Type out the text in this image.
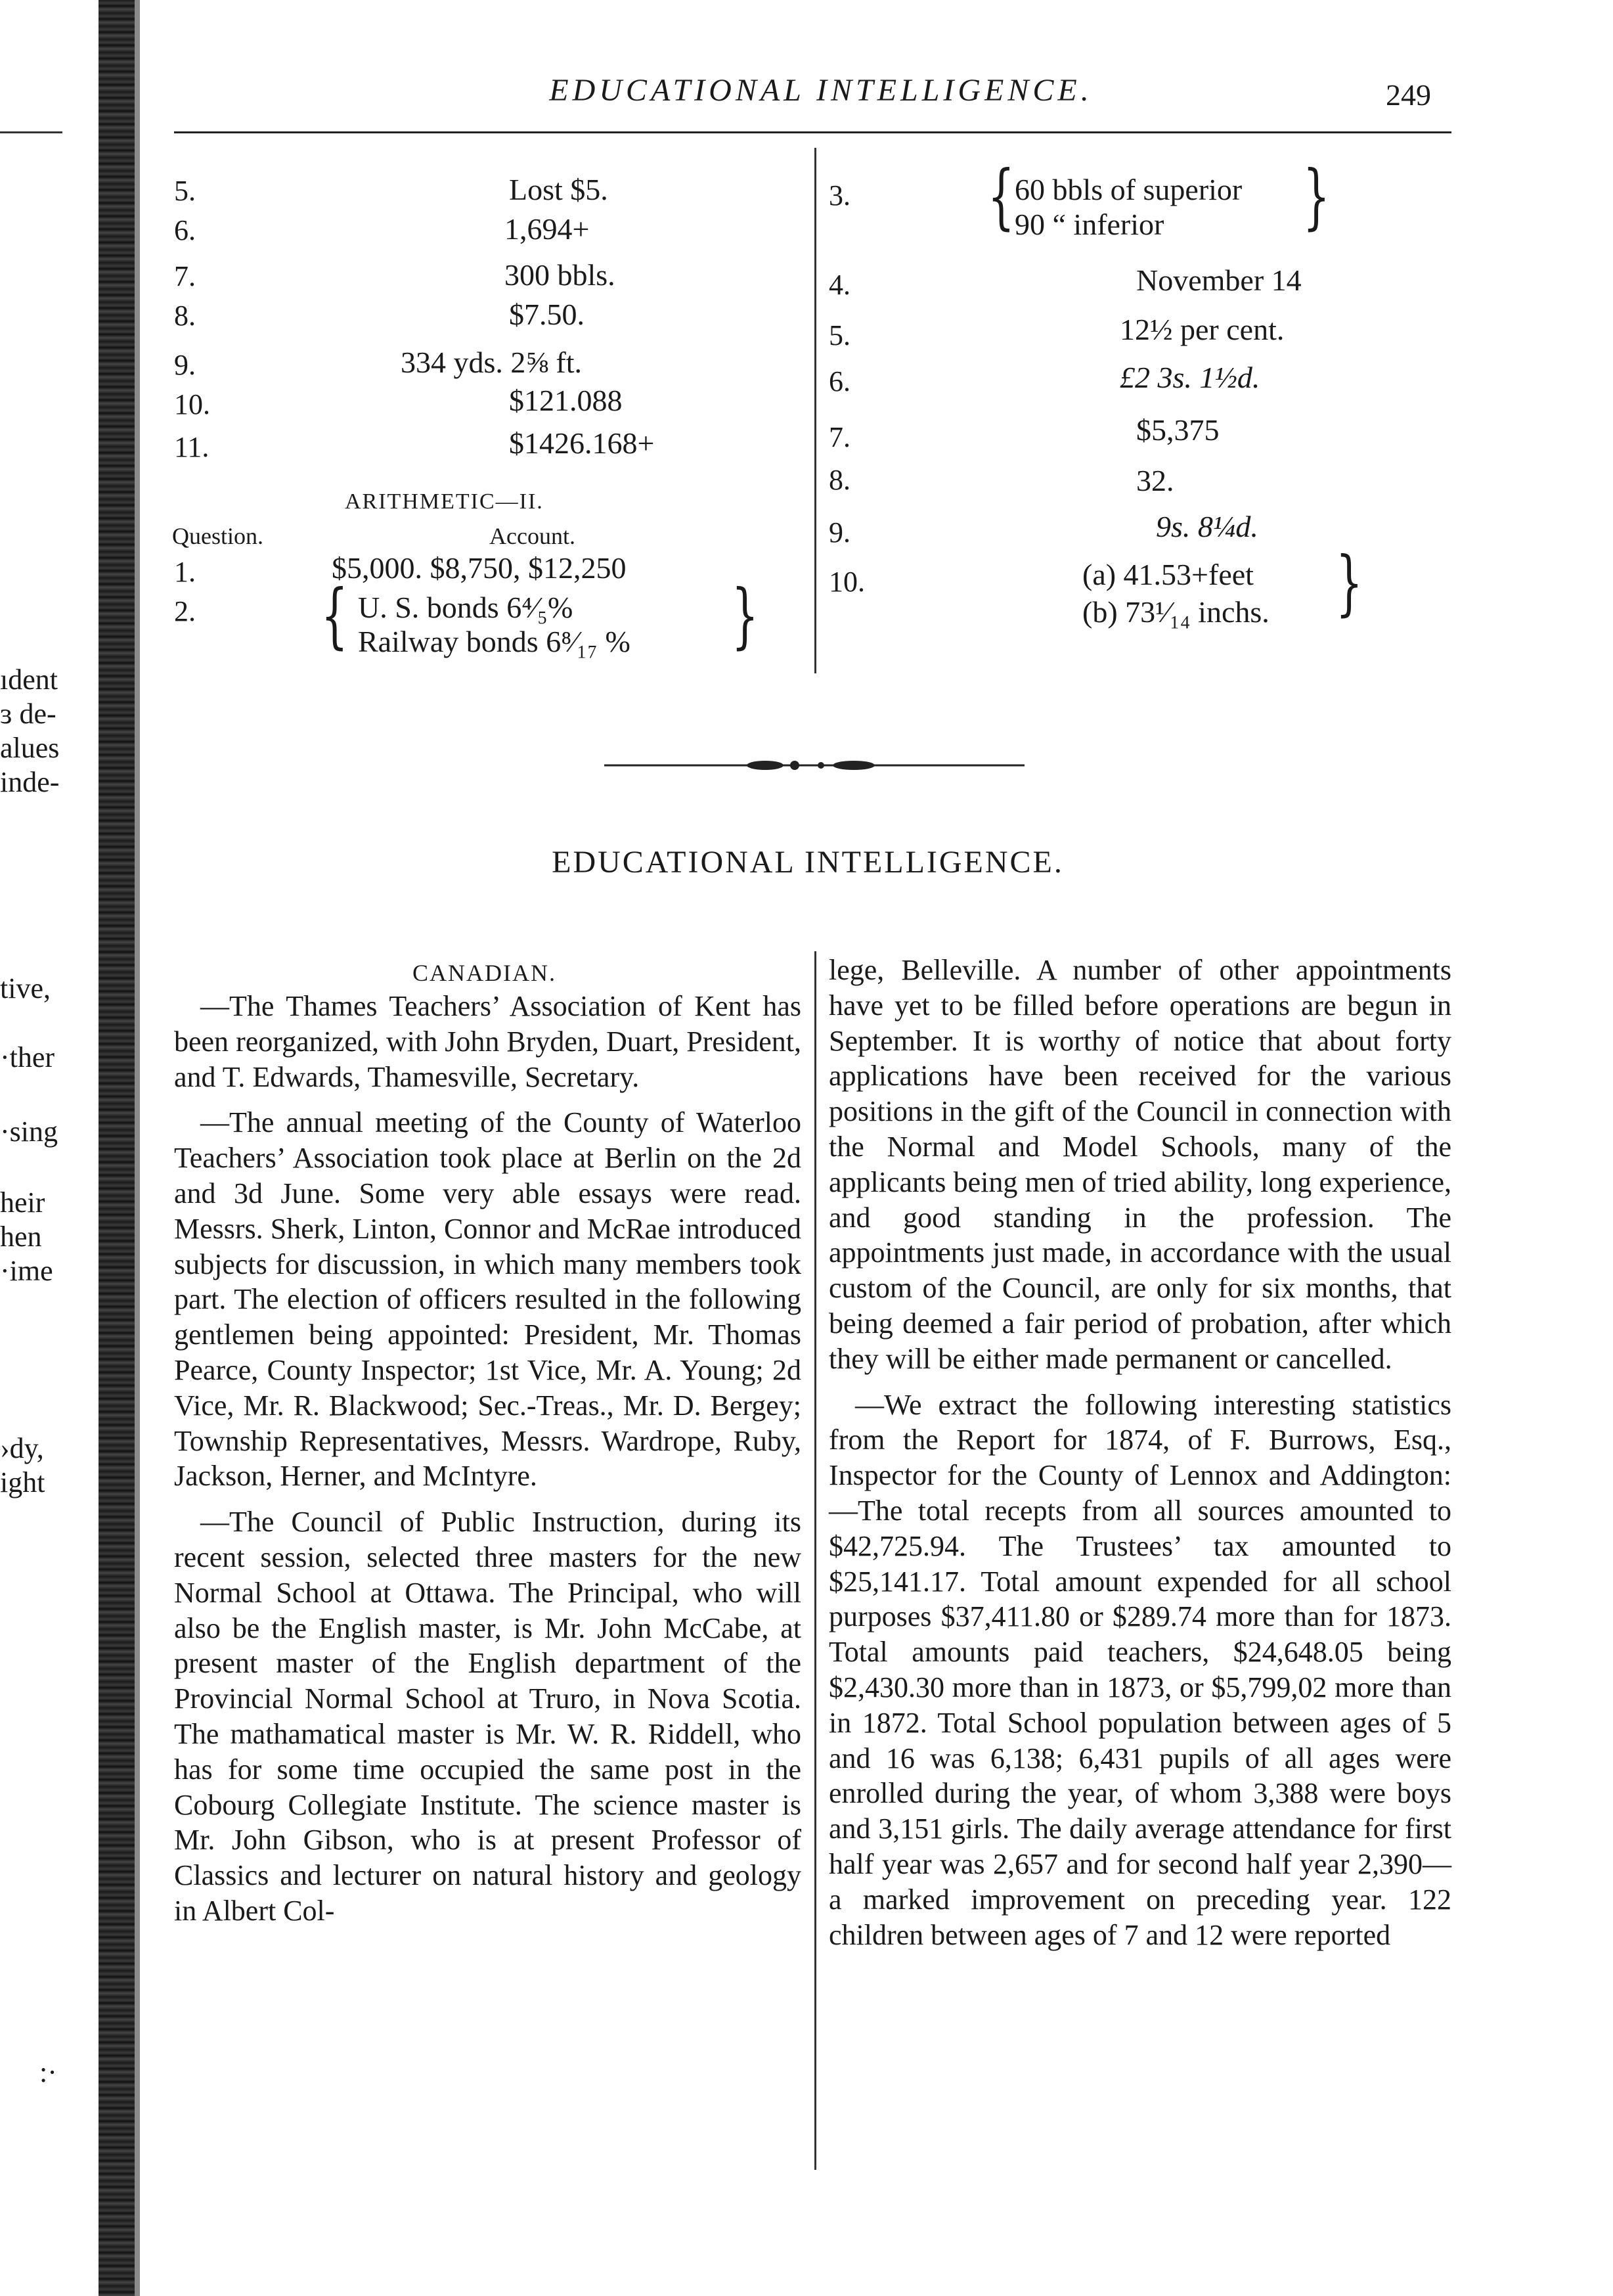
ıdent
ɜ de-
alues
inde-
tive,
·ther
·sing
heir
hen
·ime
›dy,
ight
:·
EDUCATIONAL INTELLIGENCE.	249
5.	Lost $5.
6.	1,694+
7.	300 bbls.
8.	$7.50.
9.	334 yds. 2⅝ ft.
10.	$121.088
11.	$1426.168+
ARITHMETIC—II.
Question.	Account.
1.	$5,000. $8,750, $12,250
2. { U. S. bonds 6⁴⁄₅%
Railway bonds 6⁸⁄₁₇ % }
3. { 60 bbls of superior
90 “ inferior }
4.	November 14
5.	12½ per cent.
6.	£2 3s. 1½d.
7.	$5,375
8.	32.
9.	9s. 8¼d.
10.	(a) 41.53+feet
(b) 73¹⁄₁₄ inchs. }
EDUCATIONAL INTELLIGENCE.
CANADIAN.

—The Thames Teachers’ Association of Kent has been reorganized, with John Bryden, Duart, President, and T. Edwards, Thamesville, Secretary.

—The annual meeting of the County of Waterloo Teachers’ Association took place at Berlin on the 2d and 3d June. Some very able essays were read. Messrs. Sherk, Linton, Connor and McRae introduced subjects for discussion, in which many members took part. The election of officers resulted in the following gentlemen being appointed: President, Mr. Thomas Pearce, County Inspector; 1st Vice, Mr. A. Young; 2d Vice, Mr. R. Blackwood; Sec.-Treas., Mr. D. Bergey; Township Representatives, Messrs. Wardrope, Ruby, Jackson, Herner, and McIntyre.

—The Council of Public Instruction, during its recent session, selected three masters for the new Normal School at Ottawa. The Principal, who will also be the English master, is Mr. John McCabe, at present master of the English department of the Provincial Normal School at Truro, in Nova Scotia. The mathamatical master is Mr. W. R. Riddell, who has for some time occupied the same post in the Cobourg Collegiate Institute. The science master is Mr. John Gibson, who is at present Professor of Classics and lecturer on natural history and geology in Albert Col-

lege, Belleville. A number of other appointments have yet to be filled before operations are begun in September. It is worthy of notice that about forty applications have been received for the various positions in the gift of the Council in connection with the Normal and Model Schools, many of the applicants being men of tried ability, long experience, and good standing in the profession. The appointments just made, in accordance with the usual custom of the Council, are only for six months, that being deemed a fair period of probation, after which they will be either made permanent or cancelled.

—We extract the following interesting statistics from the Report for 1874, of F. Burrows, Esq., Inspector for the County of Lennox and Addington:—The total recepts from all sources amounted to $42,725.94. The Trustees’ tax amounted to $25,141.17. Total amount expended for all school purposes $37,411.80 or $289.74 more than for 1873. Total amounts paid teachers, $24,648.05 being $2,430.30 more than in 1873, or $5,799,02 more than in 1872. Total School population between ages of 5 and 16 was 6,138; 6,431 pupils of all ages were enrolled during the year, of whom 3,388 were boys and 3,151 girls. The daily average attendance for first half year was 2,657 and for second half year 2,390—a marked improvement on preceding year. 122 children between ages of 7 and 12 were reported
